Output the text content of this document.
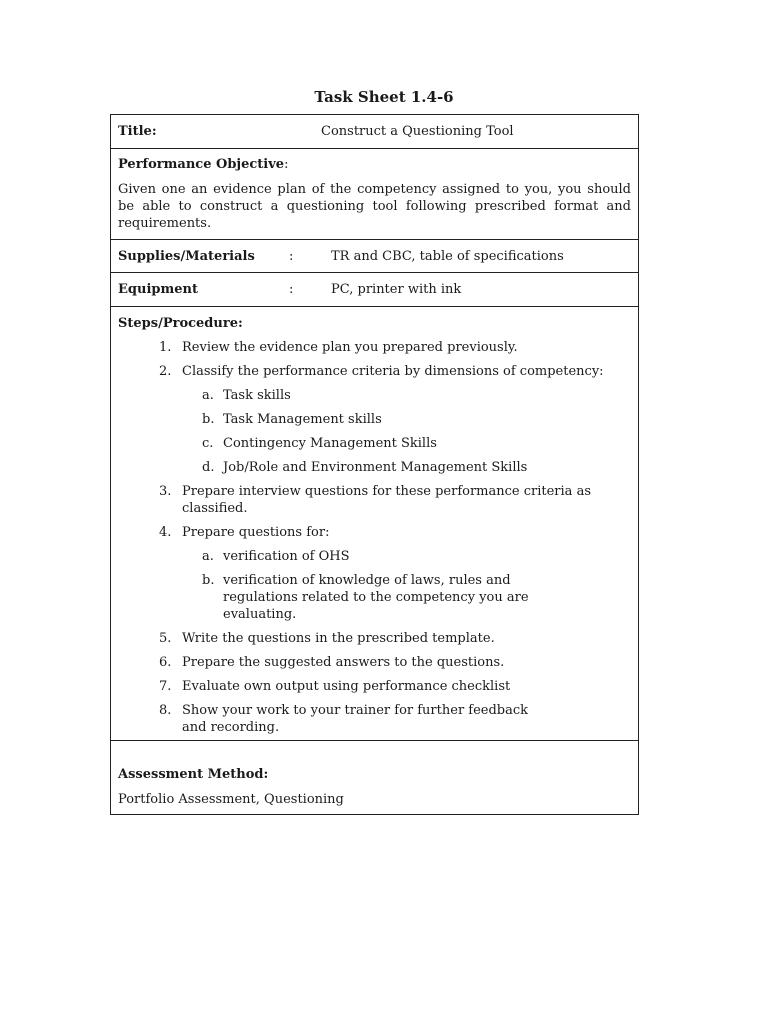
Task Sheet 1.4-6
Title:	Construct a Questioning Tool
Performance Objective:
Given one an evidence plan of the competency assigned to you, you should be able to construct a questioning tool following prescribed format and requirements.
Supplies/Materials	:	TR and CBC, table of specifications
Equipment	:	PC, printer with ink
Steps/Procedure:
1. Review the evidence plan you prepared previously.
2. Classify the performance criteria by dimensions of competency:
a. Task skills
b. Task Management skills
c. Contingency Management Skills
d. Job/Role and Environment Management Skills
3. Prepare interview questions for these performance criteria as classified.
4. Prepare questions for:
a. verification of OHS
b. verification of knowledge of laws, rules and regulations related to the competency you are evaluating.
5. Write the questions in the prescribed template.
6. Prepare the suggested answers to the questions.
7. Evaluate own output using performance checklist
8. Show your work to your trainer for further feedback and recording.
Assessment Method:
Portfolio Assessment, Questioning
